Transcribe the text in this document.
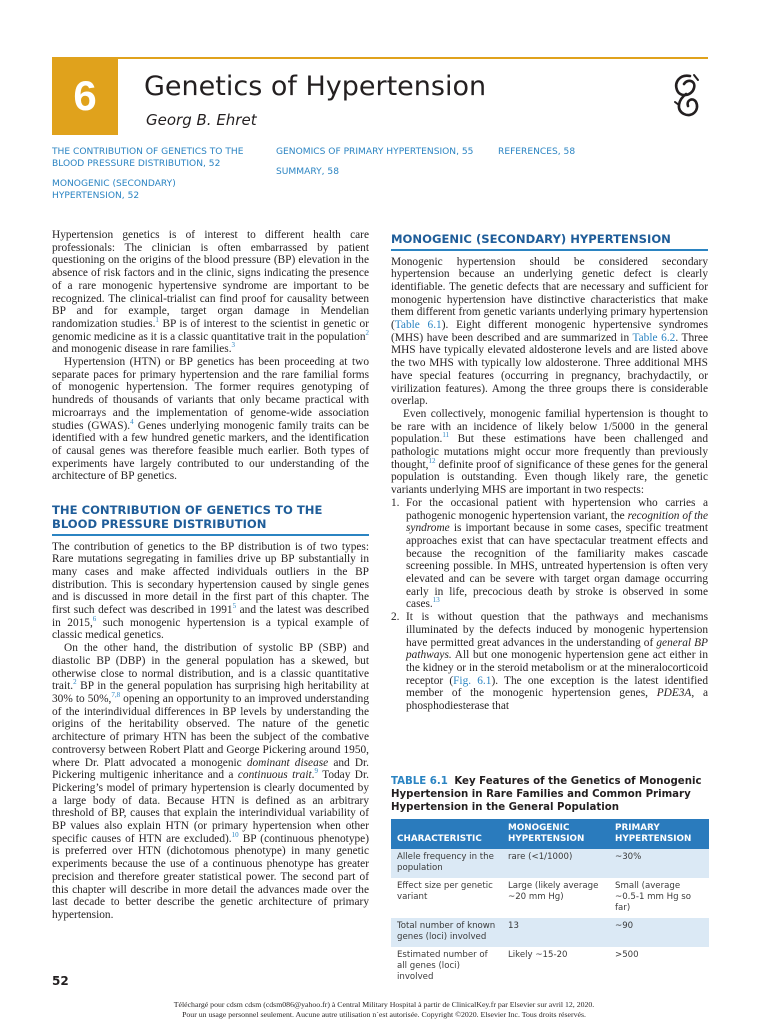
6	Genetics of Hypertension
Georg B. Ehret
THE CONTRIBUTION OF GENETICS TO THE
BLOOD PRESSURE DISTRIBUTION, 52
MONOGENIC (SECONDARY)
HYPERTENSION, 52
GENOMICS OF PRIMARY HYPERTENSION, 55
SUMMARY, 58
REFERENCES, 58

Hypertension genetics is of interest to different health care professionals: The clinician is often embarrassed by patient questioning on the origins of the blood pressure (BP) elevation in the absence of risk factors and in the clinic, signs indicating the presence of a rare monogenic hypertensive syndrome are important to be recognized. The clinical-trialist can find proof for causality between BP and for example, target organ damage in Mendelian randomization studies.$^1$ BP is of interest to the scientist in genetic or genomic medicine as it is a classic quantitative trait in the population$^2$ and monogenic disease in rare families.$^3$

Hypertension (HTN) or BP genetics has been proceeding at two separate paces for primary hypertension and the rare familial forms of monogenic hypertension. The former requires genotyping of hundreds of thousands of variants that only became practical with microarrays and the implementation of genome-wide association studies (GWAS).$^4$ Genes underlying monogenic family traits can be identified with a few hundred genetic markers, and the identification of causal genes was therefore feasible much earlier. Both types of experiments have largely contributed to our understanding of the architecture of BP genetics.

THE CONTRIBUTION OF GENETICS TO THE
BLOOD PRESSURE DISTRIBUTION

The contribution of genetics to the BP distribution is of two types: Rare mutations segregating in families drive up BP substantially in many cases and make affected individuals outliers in the BP distribution. This is secondary hypertension caused by single genes and is discussed in more detail in the first part of this chapter. The first such defect was described in 1991$^5$ and the latest was described in 2015,$^6$ such monogenic hypertension is a typical example of classic medical genetics.

On the other hand, the distribution of systolic BP (SBP) and diastolic BP (DBP) in the general population has a skewed, but otherwise close to normal distribution, and is a classic quantitative trait.$^2$ BP in the general population has surprising high heritability at 30% to 50%,$^{7,8}$ opening an opportunity to an improved understanding of the interindividual differences in BP levels by understanding the origins of the heritability observed. The nature of the genetic architecture of primary HTN has been the subject of the combative controversy between Robert Platt and George Pickering around 1950, where Dr. Platt advocated a monogenic dominant disease and Dr. Pickering multigenic inheritance and a continuous trait.$^9$ Today Dr. Pickering’s model of primary hypertension is clearly documented by a large body of data. Because HTN is defined as an arbitrary threshold of BP, causes that explain the interindividual variability of BP values also explain HTN (or primary hypertension when other specific causes of HTN are excluded).$^{10}$ BP (continuous phenotype) is preferred over HTN (dichotomous phenotype) in many genetic experiments because the use of a continuous phenotype has greater precision and therefore greater statistical power. The second part of this chapter will describe in more detail the advances made over the last decade to better describe the genetic architecture of primary hypertension.

MONOGENIC (SECONDARY) HYPERTENSION

Monogenic hypertension should be considered secondary hypertension because an underlying genetic defect is clearly identifiable. The genetic defects that are necessary and sufficient for monogenic hypertension have distinctive characteristics that make them different from genetic variants underlying primary hypertension (Table 6.1). Eight different monogenic hypertensive syndromes (MHS) have been described and are summarized in Table 6.2. Three MHS have typically elevated aldosterone levels and are listed above the two MHS with typically low aldosterone. Three additional MHS have special features (occurring in pregnancy, brachydactily, or virilization features). Among the three groups there is considerable overlap.

Even collectively, monogenic familial hypertension is thought to be rare with an incidence of likely below 1/5000 in the general population.$^{11}$ But these estimations have been challenged and pathologic mutations might occur more frequently than previously thought,$^{12}$ definite proof of significance of these genes for the general population is outstanding. Even though likely rare, the genetic variants underlying MHS are important in two respects:

1. For the occasional patient with hypertension who carries a pathogenic monogenic hypertension variant, the recognition of the syndrome is important because in some cases, specific treatment approaches exist that can have spectacular treatment effects and because the recognition of the familiarity makes cascade screening possible. In MHS, untreated hypertension is often very elevated and can be severe with target organ damage occurring early in life, precocious death by stroke is observed in some cases.$^{13}$
2. It is without question that the pathways and mechanisms illuminated by the defects induced by monogenic hypertension have permitted great advances in the understanding of general BP pathways. All but one monogenic hypertension gene act either in the kidney or in the steroid metabolism or at the mineralocorticoid receptor (Fig. 6.1). The one exception is the latest identified member of the monogenic hypertension genes, PDE3A, a phosphodiesterase that
TABLE 6.1 Key Features of the Genetics of Monogenic Hypertension in Rare Families and Common Primary Hypertension in the General Population
CHARACTERISTIC	MONOGENIC HYPERTENSION	PRIMARY HYPERTENSION
Allele frequency in the population	rare (<1/1000)	~30%
Effect size per genetic variant	Large (likely average ~20 mm Hg)	Small (average ~0.5-1 mm Hg so far)
Total number of known genes (loci) involved	13	~90
Estimated number of all genes (loci) involved	Likely ~15-20	>500
52
Téléchargé pour cdsm cdsm (cdsm086@yahoo.fr) à Central Military Hospital à partir de ClinicalKey.fr par Elsevier sur avril 12, 2020.
Pour un usage personnel seulement. Aucune autre utilisation n´est autorisée. Copyright ©2020. Elsevier Inc. Tous droits réservés.
